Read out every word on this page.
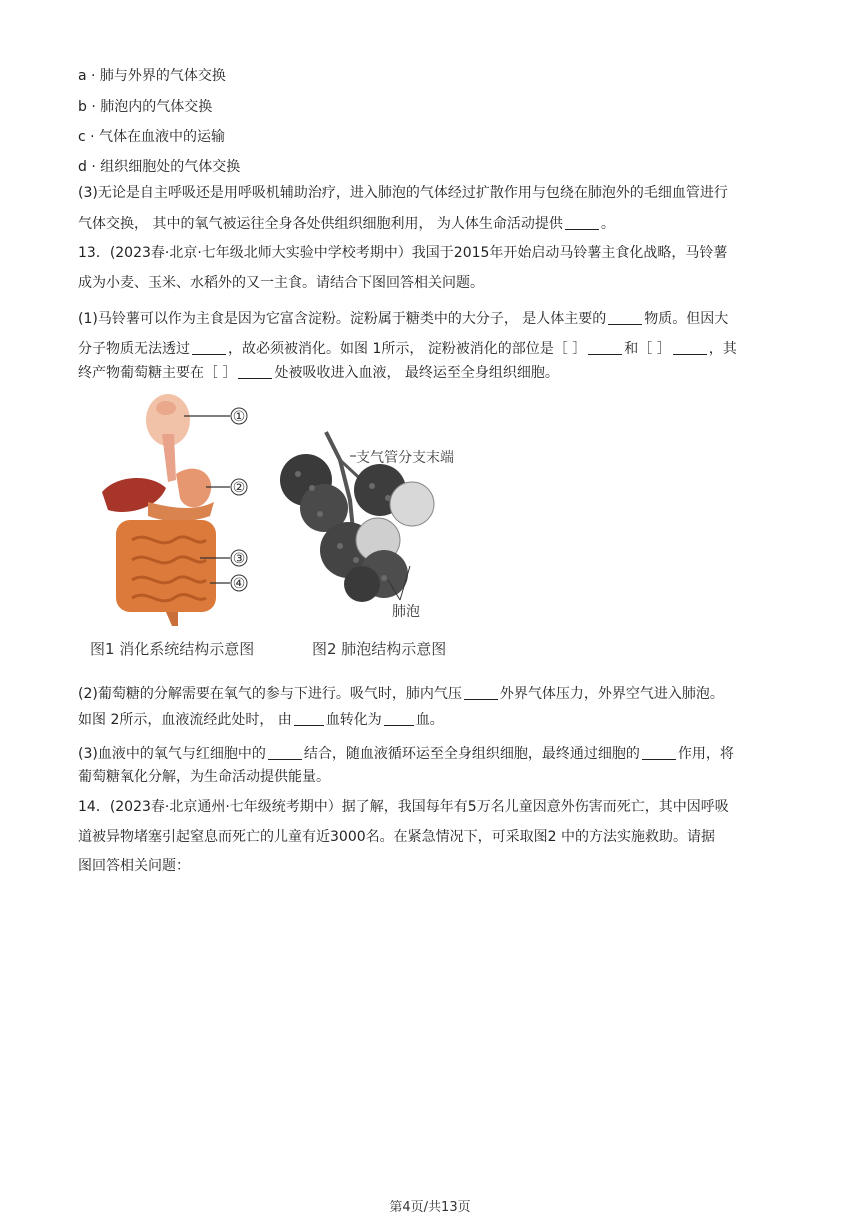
a · 肺与外界的气体交换
b · 肺泡内的气体交换
c · 气体在血液中的运输
d · 组织细胞处的气体交换
(3)无论是自主呼吸还是用呼吸机辅助治疗，进入肺泡的气体经过扩散作用与包绕在肺泡外的毛细血管进行
气体交换， 其中的氧气被运往全身各处供组织细胞利用， 为人体生命活动提供	。
13．(2023春·北京·七年级北师大实验中学校考期中）我国于2015年开始启动马铃薯主食化战略，马铃薯
成为小麦、玉米、水稻外的又一主食。请结合下图回答相关问题。
(1)马铃薯可以作为主食是因为它富含淀粉。淀粉属于糖类中的大分子， 是人体主要的	物质。但因大
分子物质无法透过	，故必须被消化。如图 1所示， 淀粉被消化的部位是［ ］	和［ ］	，其
终产物葡萄糖主要在［ ］	处被吸收进入血液， 最终运至全身组织细胞。
①
②
③
④
支气管分支末端
肺泡
图1 消化系统结构示意图	图2 肺泡结构示意图
(2)葡萄糖的分解需要在氧气的参与下进行。吸气时，肺内气压	外界气体压力，外界空气进入肺泡。
如图 2所示，血液流经此处时， 由 血转化为 血。
(3)血液中的氧气与红细胞中的	结合，随血液循环运至全身组织细胞，最终通过细胞的	作用，将
葡萄糖氧化分解，为生命活动提供能量。
14．(2023春·北京通州·七年级统考期中）据了解，我国每年有5万名儿童因意外伤害而死亡，其中因呼吸
道被异物堵塞引起窒息而死亡的儿童有近3000名。在紧急情况下，可采取图2 中的方法实施救助。请据
图回答相关问题：
第4页/共13页
